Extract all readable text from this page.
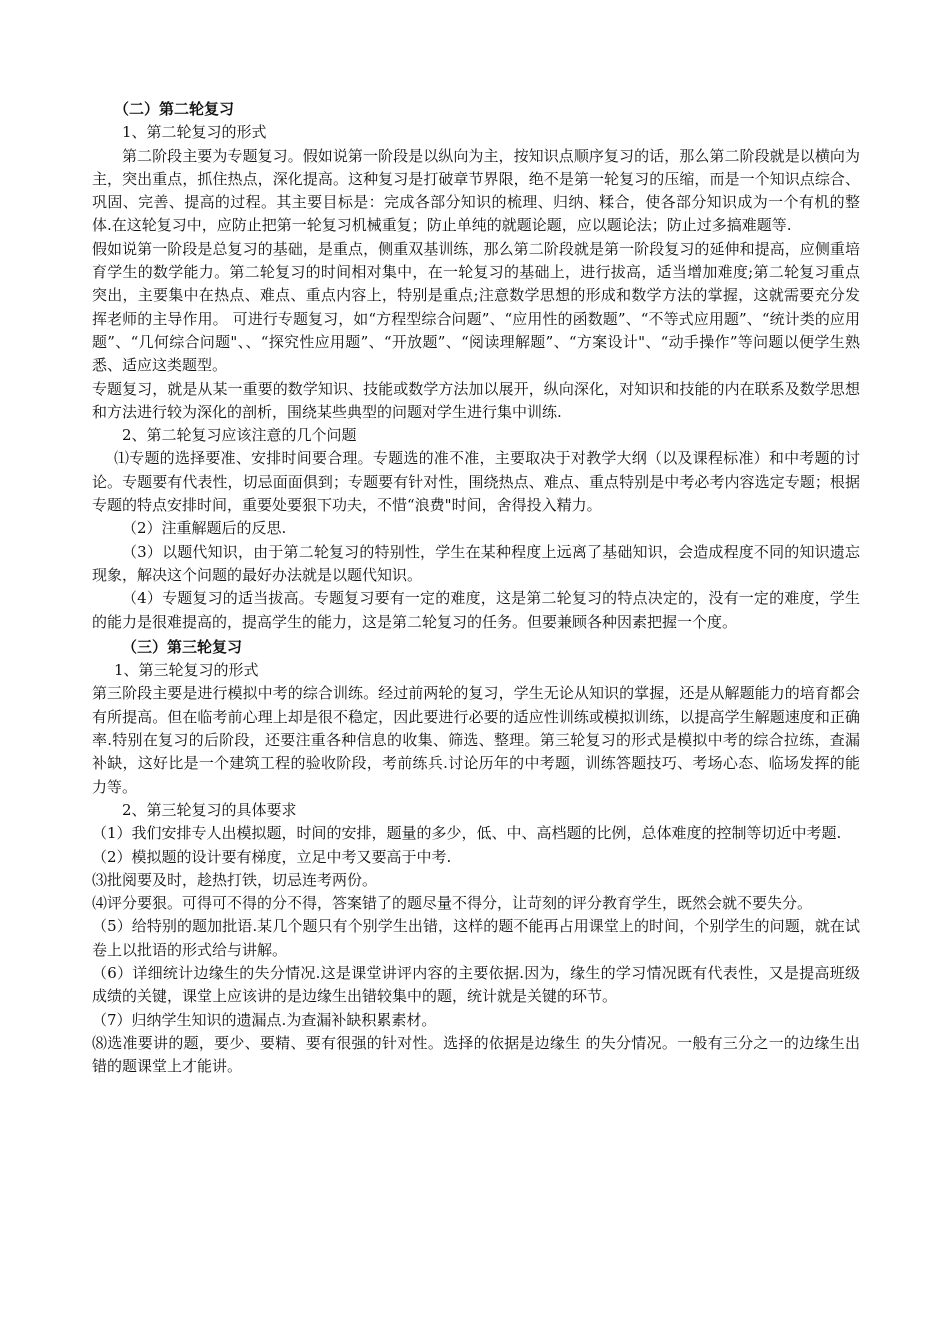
（二）第二轮复习

1、第二轮复习的形式

第二阶段主要为专题复习。假如说第一阶段是以纵向为主，按知识点顺序复习的话，那么第二阶段就是以横向为主，突出重点，抓住热点，深化提高。这种复习是打破章节界限，绝不是第一轮复习的压缩，而是一个知识点综合、巩固、完善、提高的过程。其主要目标是：完成各部分知识的梳理、归纳、糅合，使各部分知识成为一个有机的整体.在这轮复习中，应防止把第一轮复习机械重复；防止单纯的就题论题，应以题论法；防止过多搞难题等.

假如说第一阶段是总复习的基础，是重点，侧重双基训练，那么第二阶段就是第一阶段复习的延伸和提高，应侧重培育学生的数学能力。第二轮复习的时间相对集中，在一轮复习的基础上，进行拔高，适当增加难度;第二轮复习重点突出，主要集中在热点、难点、重点内容上，特别是重点;注意数学思想的形成和数学方法的掌握，这就需要充分发挥老师的主导作用。 可进行专题复习，如“方程型综合问题”、“应用性的函数题”、“不等式应用题”、“统计类的应用题”、“几何综合问题"、、“探究性应用题”、“开放题”、“阅读理解题”、“方案设计"、“动手操作”等问题以便学生熟悉、适应这类题型。

专题复习，就是从某一重要的数学知识、技能或数学方法加以展开，纵向深化，对知识和技能的内在联系及数学思想和方法进行较为深化的剖析，围绕某些典型的问题对学生进行集中训练.

2、第二轮复习应该注意的几个问题

⑴专题的选择要准、安排时间要合理。专题选的准不准，主要取决于对教学大纲（以及课程标准）和中考题的讨论。专题要有代表性，切忌面面俱到；专题要有针对性，围绕热点、难点、重点特别是中考必考内容选定专题；根据专题的特点安排时间，重要处要狠下功夫，不惜“浪费"时间，舍得投入精力。

（2）注重解题后的反思.

（3）以题代知识，由于第二轮复习的特别性，学生在某种程度上远离了基础知识，会造成程度不同的知识遗忘现象，解决这个问题的最好办法就是以题代知识。

（4）专题复习的适当拔高。专题复习要有一定的难度，这是第二轮复习的特点决定的，没有一定的难度，学生的能力是很难提高的，提高学生的能力，这是第二轮复习的任务。但要兼顾各种因素把握一个度。

（三）第三轮复习

1、第三轮复习的形式

第三阶段主要是进行模拟中考的综合训练。经过前两轮的复习，学生无论从知识的掌握，还是从解题能力的培育都会有所提高。但在临考前心理上却是很不稳定，因此要进行必要的适应性训练或模拟训练，以提高学生解题速度和正确率.特别在复习的后阶段，还要注重各种信息的收集、筛选、整理。第三轮复习的形式是模拟中考的综合拉练，查漏补缺，这好比是一个建筑工程的验收阶段，考前练兵.讨论历年的中考题，训练答题技巧、考场心态、临场发挥的能力等。

2、第三轮复习的具体要求

（1）我们安排专人出模拟题，时间的安排，题量的多少，低、中、高档题的比例，总体难度的控制等切近中考题.

（2）模拟题的设计要有梯度，立足中考又要高于中考.

⑶批阅要及时，趁热打铁，切忌连考两份。

⑷评分要狠。可得可不得的分不得，答案错了的题尽量不得分，让苛刻的评分教育学生，既然会就不要失分。

（5）给特别的题加批语.某几个题只有个别学生出错，这样的题不能再占用课堂上的时间，个别学生的问题，就在试卷上以批语的形式给与讲解。

（6）详细统计边缘生的失分情况.这是课堂讲评内容的主要依据.因为，缘生的学习情况既有代表性，又是提高班级成绩的关键，课堂上应该讲的是边缘生出错较集中的题，统计就是关键的环节。

（7）归纳学生知识的遗漏点.为查漏补缺积累素材。

⑻选准要讲的题，要少、要精、要有很强的针对性。选择的依据是边缘生 的失分情况。一般有三分之一的边缘生出错的题课堂上才能讲。
